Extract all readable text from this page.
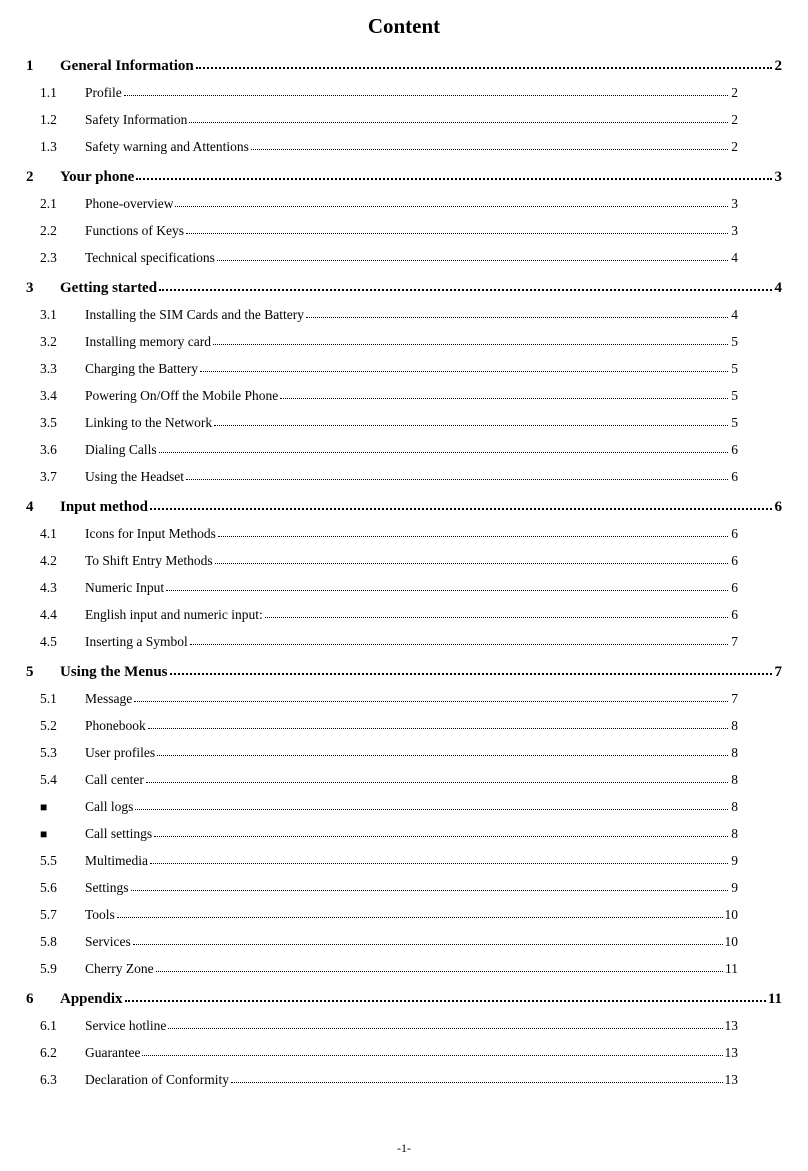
Content
1	General Information	2
1.1	Profile	2
1.2	Safety Information	2
1.3	Safety warning and Attentions	2
2	Your phone	3
2.1	Phone-overview	3
2.2	Functions of Keys	3
2.3	Technical specifications	4
3	Getting started	4
3.1	Installing the SIM Cards and the Battery	4
3.2	Installing memory card	5
3.3	Charging the Battery	5
3.4	Powering On/Off the Mobile Phone	5
3.5	Linking to the Network	5
3.6	Dialing Calls	6
3.7	Using the Headset	6
4	Input method	6
4.1	Icons for Input Methods	6
4.2	To Shift Entry Methods	6
4.3	Numeric Input	6
4.4	English input and numeric input:	6
4.5	Inserting a Symbol	7
5	Using the Menus	7
5.1	Message	7
5.2	Phonebook	8
5.3	User profiles	8
5.4	Call center	8
■	Call logs	8
■	Call settings	8
5.5	Multimedia	9
5.6	Settings	9
5.7	Tools	10
5.8	Services	10
5.9	Cherry Zone	11
6	Appendix	11
6.1	Service hotline	13
6.2	Guarantee	13
6.3	Declaration of Conformity	13
-1-
